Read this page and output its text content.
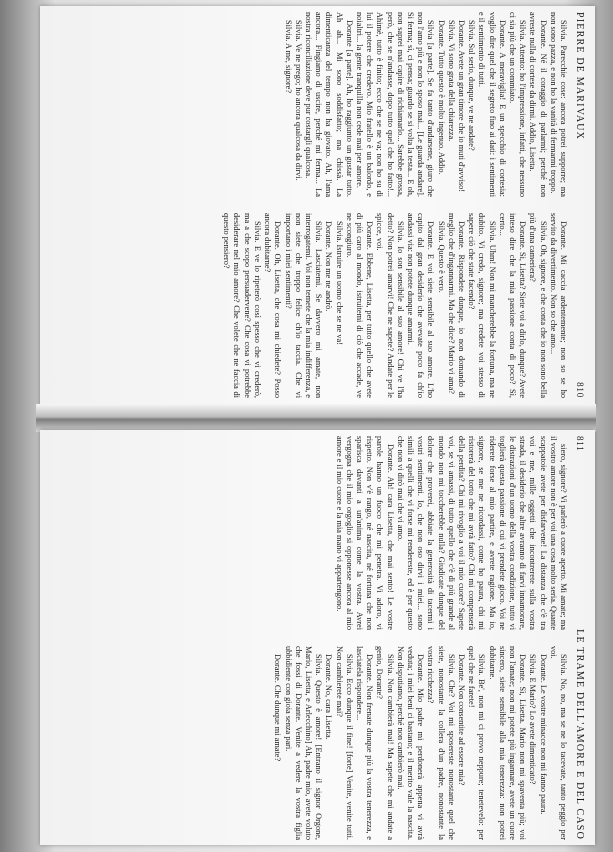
PIERRE DE MARIVAUX
810

Silvia. Parecchie cose: ancora potrei supporre; ma non sono pazza, e non ho la vanità di fermarmi troppo.

Dorante. Né il coraggio di parlarmi; perché non avreste nulla di cortese da dirmi. Addio, Lisetta.

Silvia. Attento: ho l'impressione, infatti, che nessuno ci sia più che un commiato.

Dorante. A meraviglia! E un specchio di cortesia: voglio dire quel che il segreto fino ai dati: i sentimenti e il sentimento di tutti.

Silvia. Sul serio, dunque, ve ne andate?

Dorante. Avete un gran timore che io muti d'avviso!

Silvia. Vi sono grata della chiarezza.

Dorante. Tutto questo è molto ingenuo. Addio.

Silvia [a parte]. Se fa tanto d'andarsene, giuro che non l'amo più e non lo sposo mai... [Le guarda andare]. Si ferma; sì, ci pensa; guardo se si volta la testa... E oh, non saprei mai capire di richiamarlo... Sarebbe grossa, però, che se n'andasse, dopo tutto quel che ho fatto!... Ahimè, tutto è finito; ecco che se ne va; non ho su di lui il potere che credevo. Mio fratello è un balordo, e noialtri... la gente tranquilla non cede mai per amore.

Dorante [a parte]. Ah, ho raggiunto un gustar tutto. Ah ah... Mi sono soddisfatto; ma chissà. La dimenticanza del tempo non ha giovato. Ah, l'ama ancora... Fingiamo di uscire, perché mi ferma... La nostra riconciliazione deve pur costargli qualcosa.

Silvia. Ve ne prego; ho ancora qualcosa da dirvi.

Silvia. A me, signore?

Dorante. Mi caccia ardentemente; non so se ho servito da divertimento. Non so che amo...

Silvia. Oh, signore, e che conta che io non sono bella più d'una cameriera?

Dorante. Si, Lisetta? Siete voi a dirlo, dunque? Avete inteso dire che la mia passione conta di poco? Sì, certo...

Silvia. Uhm! Non mi mancherebbe la fortuna, ma ne dubito. Vi credo, signore; ma credete voi stesso di sapere ciò che state facendo?

Dorante. Rispondete dunque, io non domando di meglio che d'ingannarmi. Ma che dice? Mario vi ama?

Silvia. Questo è vero.

Dorante. E voi siete sensibile al suo amore. L'ho capito dal gran desiderio che avevate poco fa ch'io andassi via: non potete dunque amarmi.

Silvia. Io son sensibile al suo amore! Chi ve l'ha detto? Non potrei amarvi! Che ne sapete? Andate per le spicce, voi.

Dorante. Ebbene, Lisetta, per tutto quello che avete di più caro al mondo, istruitemi di ciò che accade, ve ne scongiuro.

Silvia. Istruire un uomo che se ne va!

Dorante. Non me ne andrò.

Silvia. Lasciatemi. Se davvero mi amate, non interrogatemi. Voi non temete che la mia indifferenza, e non siete che troppo felice ch'io taccia. Che vi importano i miei sentimenti?

Dorante. Oh, Lisetta, che cosa mi chiedete? Posso ancora dubitarne?

Silvia. E ve lo ripeterò così spesso che vi crederò, ma a che scopo persuadervene? Che cosa vi potrebbe desiderare nel mio amore? Che volete che ne faccia di questo pensiero?

811
LE TRAME DELL'AMORE E DEL CASO

siero, signore? Vi parlerò a cuore aperto. Mi amate; ma il vostro amore non è per voi una cosa molto seria. Quante scappatoie avete per disfarvene! La distanza che c'è tra voi e me, mille oggetti che incontrerete sulla vostra strada, il desiderio che altre avranno di farvi innamorare, le distrazioni d'un uomo della vostra condizione, tutto vi toglierà questa passione di cui vi prendete gioco. Voi ne riderete forse al mio partire, e avrete ragione. Ma io, signore, se me ne ricordassi, come ho paura, chi mi ristorerà del torto che mi avrà fatto? Chi mi compenserà della perdita? Chi mi rivoglio a voi il mio cuore? Sapete voi, se vi amassi, di tutto quello che c'è di più grande al mondo non mi toccherebbe nulla? Giudicate dunque del dolore che proverei, abbiate la generosità di tacermi i vostri sentimenti. Io, che non oso dirvi i miei... sono simili a quelli che vi forse mi rendereste, ed è per questo che non vi dirò mai che vi amo.

Dorante. Ah! cara Lisetta, che mai sento! Le vostre parole hanno un fuoco che mi penetra. Vi adoro, vi rispetto. Non v'è rango, né nascita, né fortuna che non sparisca davanti a un'anima come la vostra. Avrei vergogna che il mio orgoglio si opponesse ancora al mio amore e il mio cuore e la mia mano vi appartengono.

Silvia. No, no, ma se ne lo tacevate, tanto peggio per voi.

Dorante. Le vostre minacce non mi fanno paura.

Silvia. E Mario? Lo avete dimenticato?

Dorante. Sì, Lisetta. Mario non mi spaventa più; voi non l'amate; non mi potete più ingannare, avete un cuore sincero, siete sensibile alla mia tenerezza: non potrei dubitarne.

Silvia. Be', non mi ci provo neppure; tenetevelo: per quel che ne farete!

Dorante. Non consentite ad essere mia?

Silvia. Che? Voi mi sposereste nonostante quel che siete, nonostante la collera d'un padre, nonostante la vostra ricchezza?

Dorante. Mio padre mi perdonerà appena vi avrà veduta; i miei beni ci bastano; e il merito vale la nascita. Non disputiamo, perché non cambierò mai.

Silvia. Non cambierà mai! Ma sapete che mi andate a genio, Dorante?

Dorante. Non frenate dunque più la vostra tenerezza, e lasciatela rispondere...

Silvia. Ecco dunque il fine! [forte] Venite, venite tutti. Non cambierete mai?

Dorante. No, cara Lisetta.

Silvia. Questo è amore! [Entrano il signor Orgone, Mario, Lisetta, e Arlecchino] Ah, padre mio, avete voluto che fossi di Dorante. Venite a vedere la vostra figlia ubbidiente con gioia senza pari.

Dorante. Che dunque mi amate?
